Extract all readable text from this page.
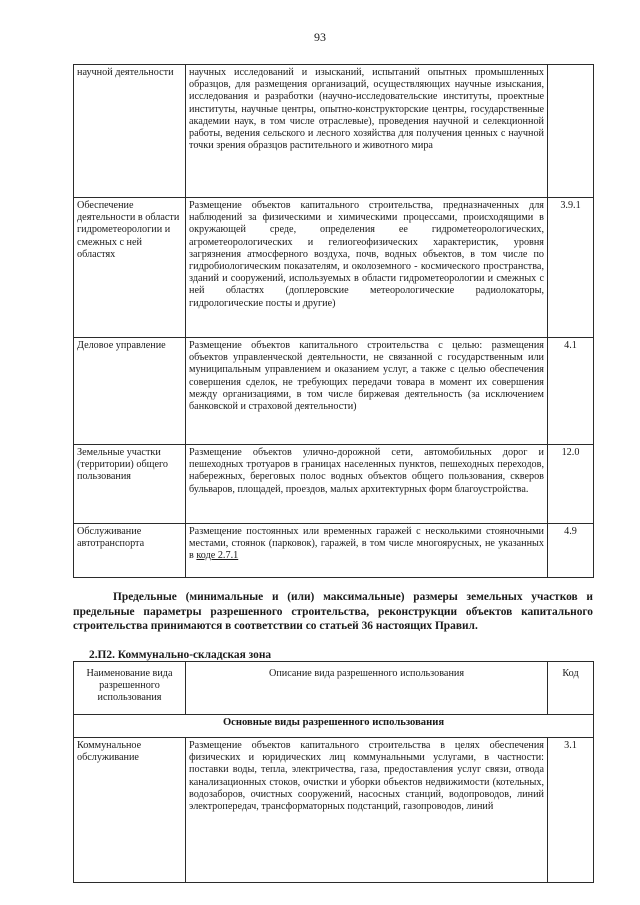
93
научной деятельности	научных исследований и изысканий, испытаний опытных промышленных образцов, для размещения организаций, осуществляющих научные изыскания, исследования и разработки (научно-исследовательские институты, проектные институты, научные центры, опытно-конструкторские центры, государственные академии наук, в том числе отраслевые), проведения научной и селекционной работы, ведения сельского и лесного хозяйства для получения ценных с научной точки зрения образцов растительного и животного мира	
Обеспечение деятельности в области гидрометеорологии и смежных с ней областях	Размещение объектов капитального строительства, предназначенных для наблюдений за физическими и химическими процессами, происходящими в окружающей среде, определения ее гидрометеорологических, агрометеорологических и гелиогеофизических характеристик, уровня загрязнения атмосферного воздуха, почв, водных объектов, в том числе по гидробиологическим показателям, и околоземного - космического пространства, зданий и сооружений, используемых в области гидрометеорологии и смежных с ней областях (доплеровские метеорологические радиолокаторы, гидрологические посты и другие)	3.9.1
Деловое управление	Размещение объектов капитального строительства с целью: размещения объектов управленческой деятельности, не связанной с государственным или муниципальным управлением и оказанием услуг, а также с целью обеспечения совершения сделок, не требующих передачи товара в момент их совершения между организациями, в том числе биржевая деятельность (за исключением банковской и страховой деятельности)	4.1
Земельные участки (территории) общего пользования	Размещение объектов улично-дорожной сети, автомобильных дорог и пешеходных тротуаров в границах населенных пунктов, пешеходных переходов, набережных, береговых полос водных объектов общего пользования, скверов бульваров, площадей, проездов, малых архитектурных форм благоустройства.	12.0
Обслуживание автотранспорта	Размещение постоянных или временных гаражей с несколькими стояночными местами, стоянок (парковок), гаражей, в том числе многоярусных, не указанных в коде 2.7.1	4.9
Предельные (минимальные и (или) максимальные) размеры земельных участков и предельные параметры разрешенного строительства, реконструкции объектов капитального строительства принимаются в соответствии со статьей 36 настоящих Правил.
2.П2. Коммунально-складская зона
Наименование вида разрешенного использования	Описание вида разрешенного использования	Код
Основные виды разрешенного использования		
Коммунальное обслуживание	Размещение объектов капитального строительства в целях обеспечения физических и юридических лиц коммунальными услугами, в частности: поставки воды, тепла, электричества, газа, предоставления услуг связи, отвода канализационных стоков, очистки и уборки объектов недвижимости (котельных, водозаборов, очистных сооружений, насосных станций, водопроводов, линий электропередач, трансформаторных подстанций, газопроводов, линий	3.1
